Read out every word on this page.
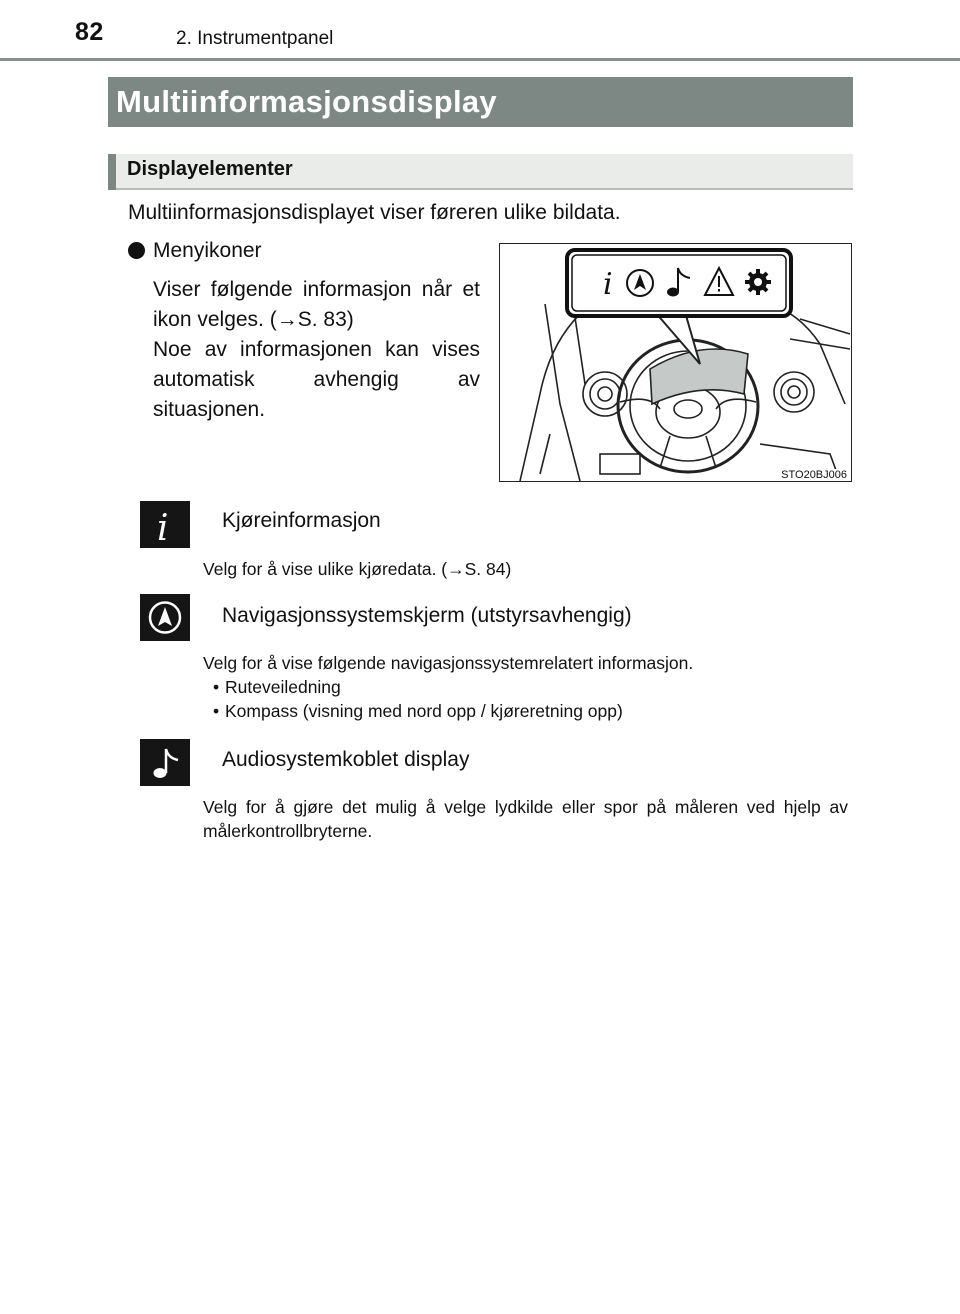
82	2. Instrumentpanel
Multiinformasjonsdisplay
Displayelementer
Multiinformasjonsdisplayet viser føreren ulike bildata.
Menyikoner

Viser følgende informasjon når et ikon velges. (→S. 83)

Noe av informasjonen kan vises automatisk avhengig av situasjonen.

i
STO20BJ006
i	Kjøreinformasjon
Velg for å vise ulike kjøredata. (→S. 84)
Navigasjonssystemskjerm (utstyrsavhengig)
Velg for å vise følgende navigasjonssystemrelatert informasjon.
• Ruteveiledning
• Kompass (visning med nord opp / kjøreretning opp)
Audiosystemkoblet display
Velg for å gjøre det mulig å velge lydkilde eller spor på måleren ved hjelp av målerkontrollbryterne.
